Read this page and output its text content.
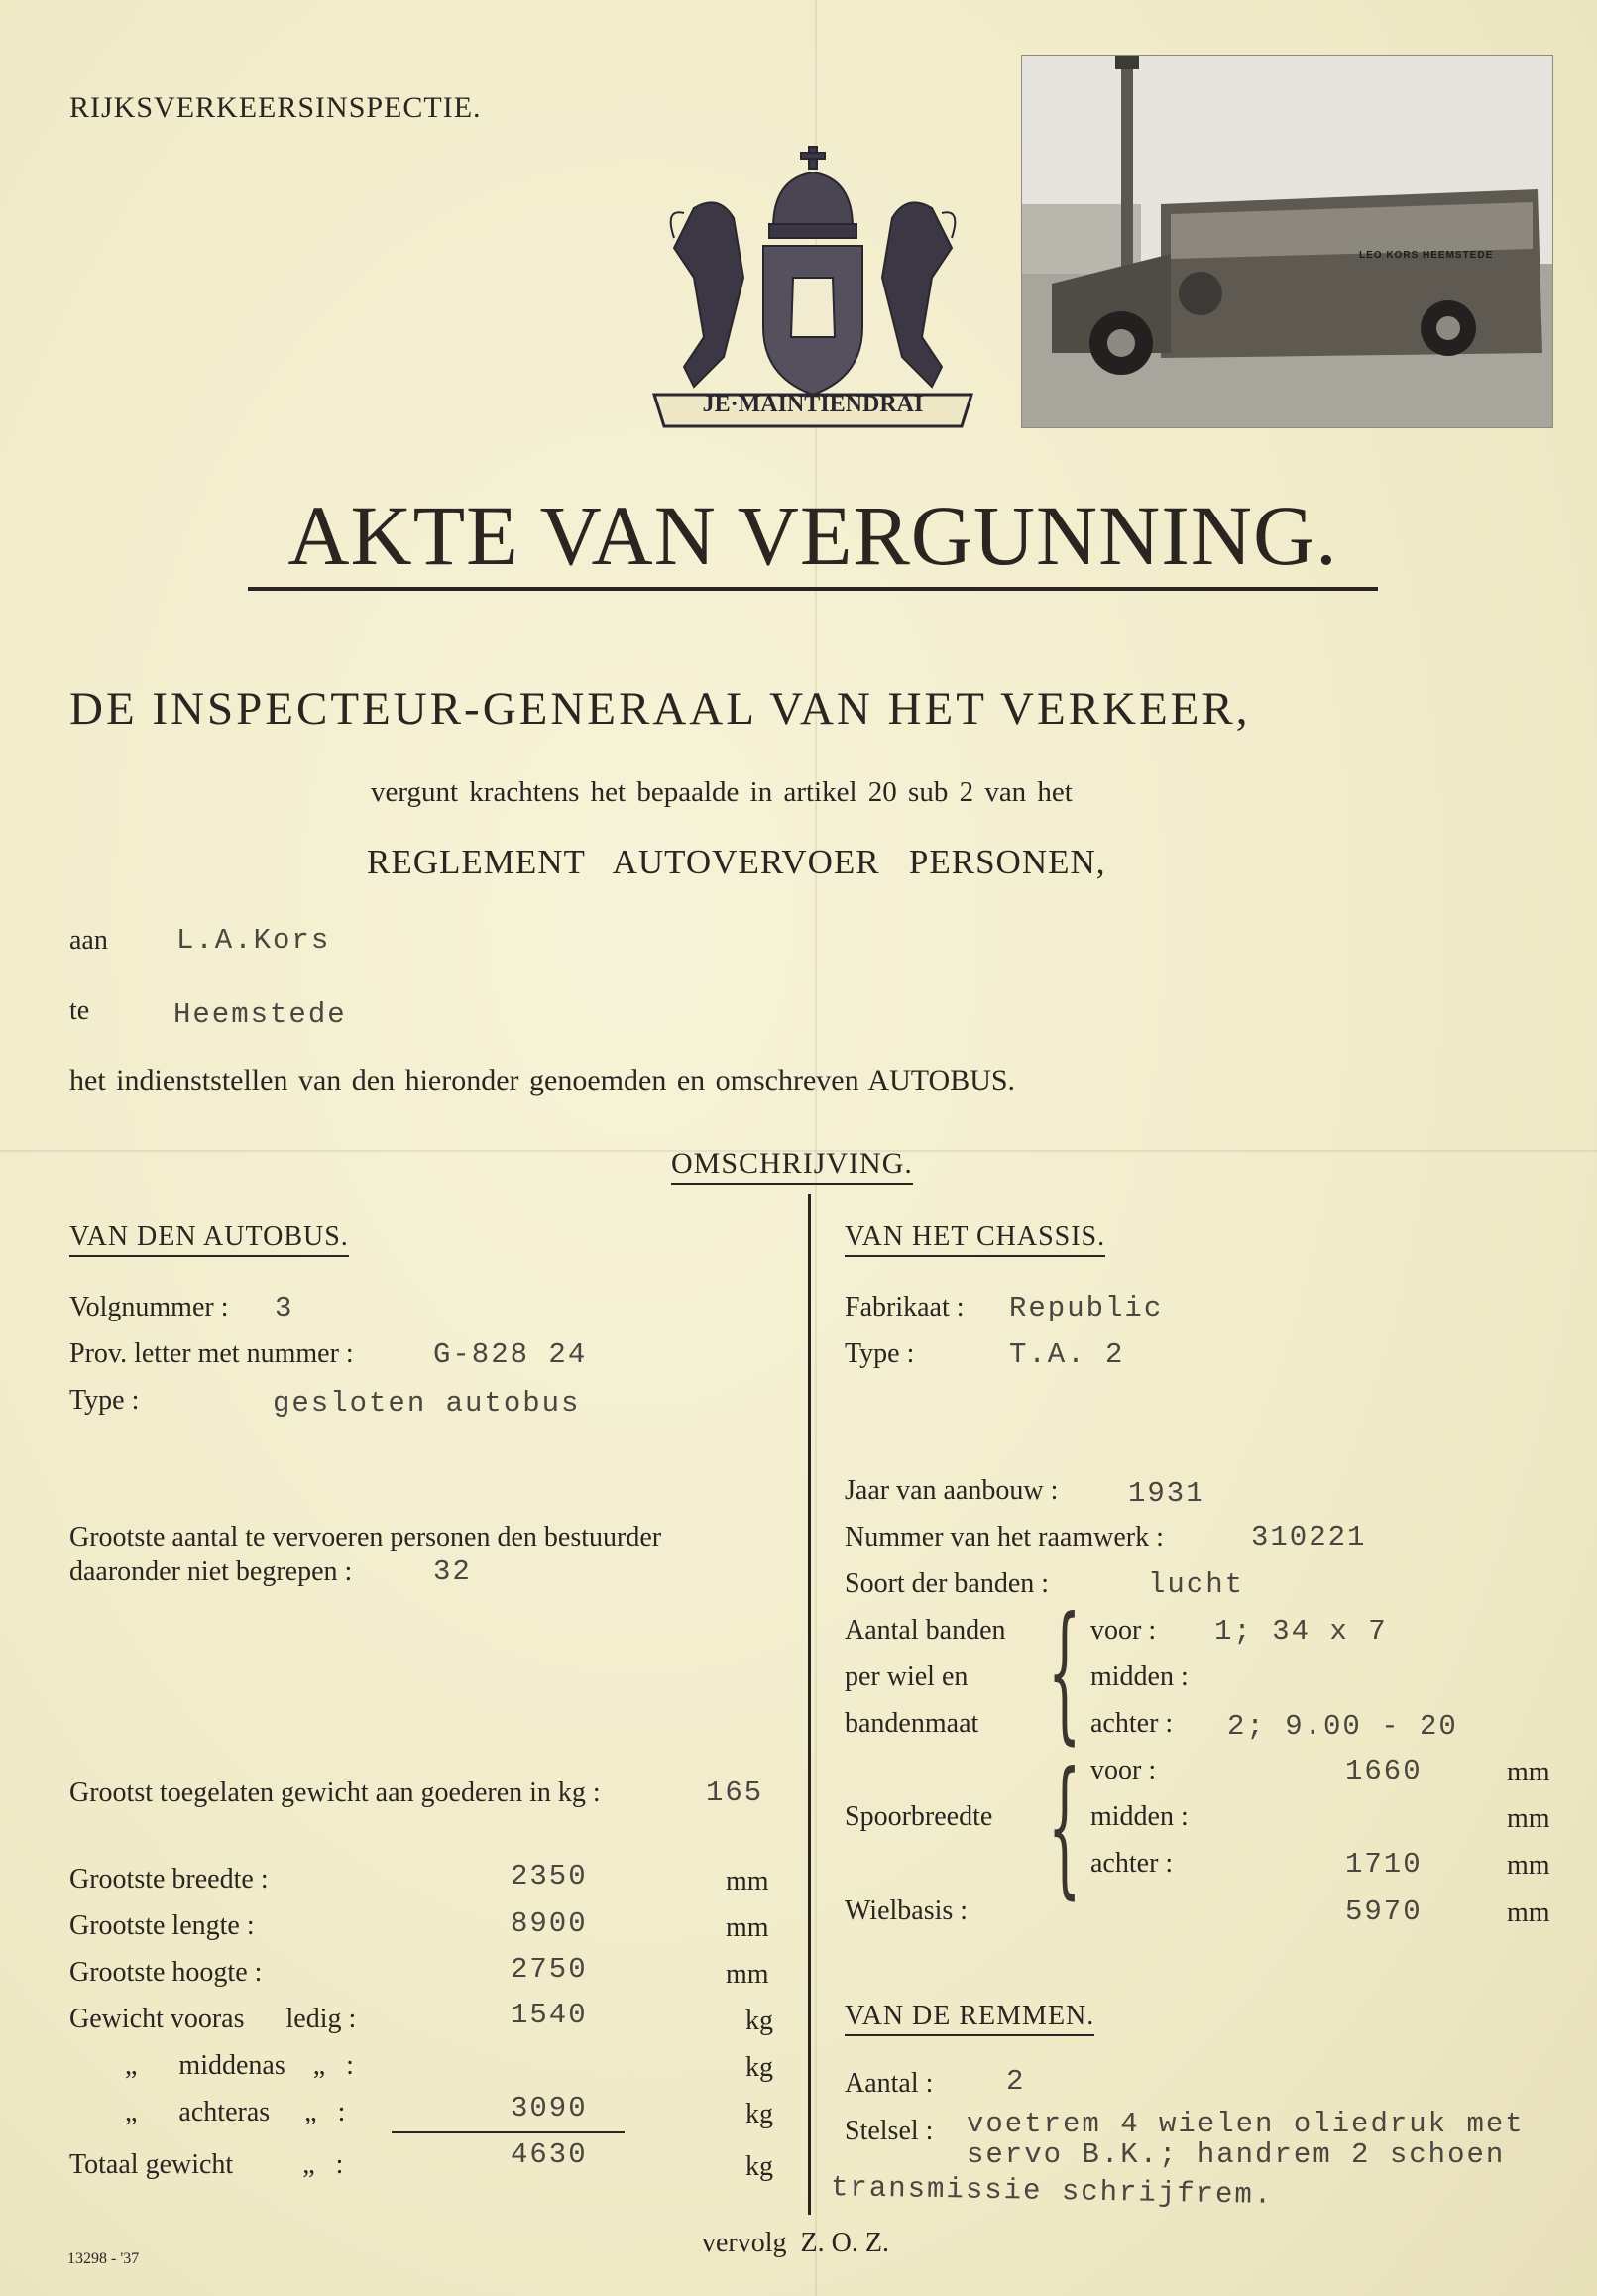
RIJKSVERKEERSINSPECTIE.
JE·MAINTIENDRAI
LEO KORS HEEMSTEDE
AKTE VAN VERGUNNING.
DE INSPECTEUR-GENERAAL VAN HET VERKEER,
vergunt krachtens het bepaalde in artikel 20 sub 2 van het
REGLEMENT   AUTOVERVOER   PERSONEN,
aan L.A.Kors
te	Heemstede
het indienststellen van den hieronder genoemden en omschreven AUTOBUS.
OMSCHRIJVING.
VAN DEN AUTOBUS.
Volgnummer : 3
Prov. letter met nummer :	G-828 24
Type :	gesloten autobus
Grootste aantal te vervoeren personen den bestuurder
daaronder niet begrepen :	32
Grootst toegelaten gewicht aan goederen in kg :	165
Grootste breedte :	2350	mm
Grootste lengte :	8900	mm
Grootste hoogte :	2750	mm
Gewicht vooras      ledig :	1540	kg
„      middenas    „   :	kg
„      achteras     „   :	3090	kg
Totaal gewicht          „   :	4630	kg
VAN HET CHASSIS.
Fabrikaat : Republic
Type :	T.A. 2
Jaar van aanbouw : 1931
Nummer van het raamwerk :	310221
Soort der banden :	lucht
Aantal banden
per wiel en
bandenmaat { voor : 1; 34 x 7
midden :
achter : 2; 9.00 - 20
Spoorbreedte { voor :	1660	mm
midden :	mm
achter :	1710	mm
Wielbasis :	5970	mm
VAN DE REMMEN.
Aantal :	2
Stelsel : voetrem 4 wielen oliedruk met
servo B.K.; handrem 2 schoen
transmissie schrijfrem.
vervolg  Z. O. Z.
13298 - '37
